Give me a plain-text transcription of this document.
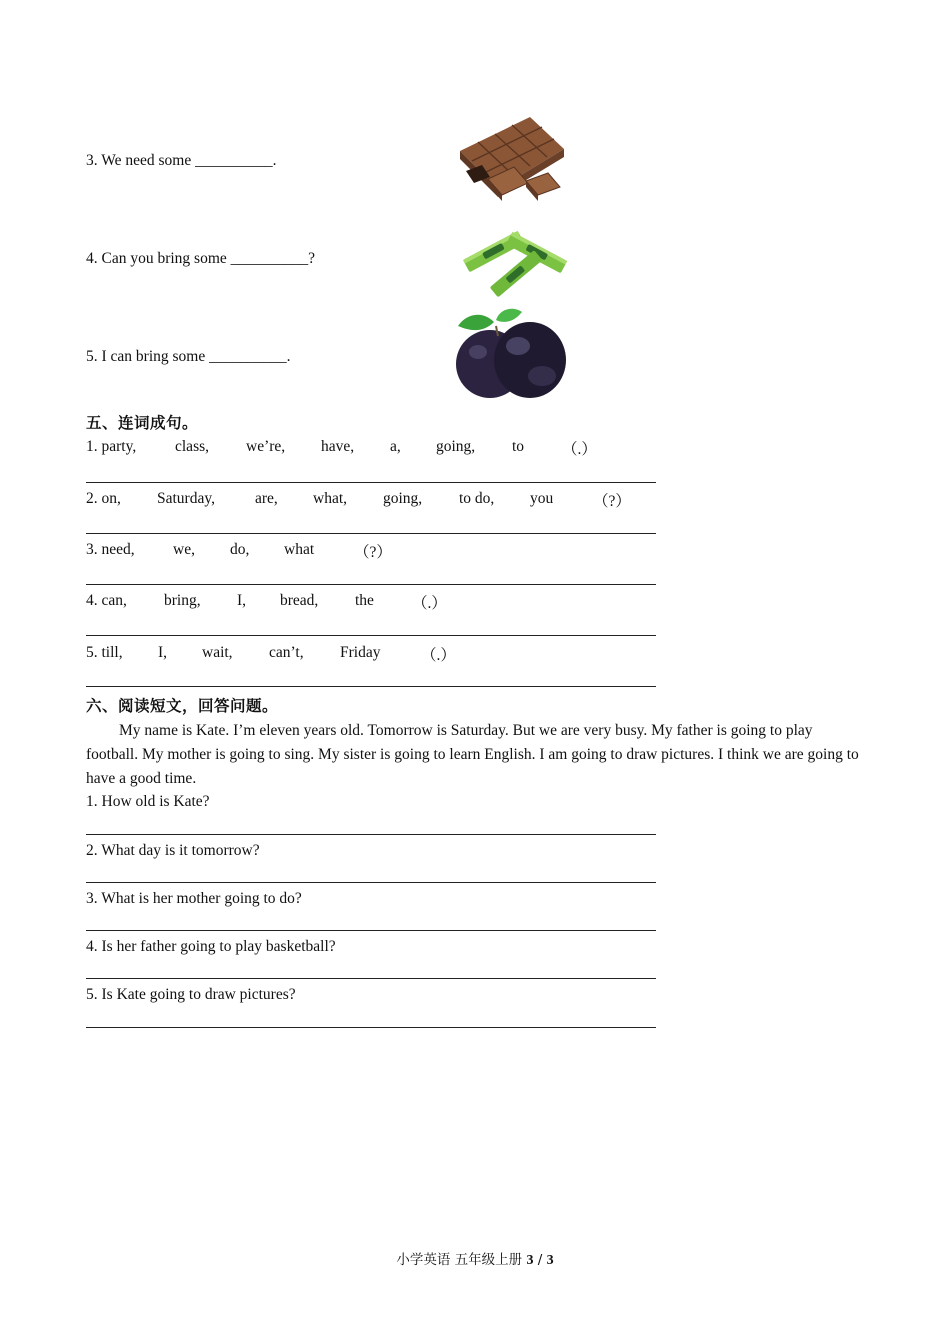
3. We need some __________.
4. Can you bring some __________?
5. I can bring some __________.
五、连词成句。
1. party,	class, we’re, have, a, going, to （.）
2. on, Saturday,	are, what, going, to do, you	（?）
3. need, we, do, what	（?）
4. can, bring, I, bread, the （.）
5. till, I, wait, can’t, Friday	（.）
六、阅读短文，回答问题。
My name is Kate. I’m eleven years old. Tomorrow is Saturday. But we are very busy. My father is going to play football. My mother is going to sing. My sister is going to learn English. I am going to draw pictures. I think we are going to have a good time.
1. How old is Kate?
2. What day is it tomorrow?
3. What is her mother going to do?
4. Is her father going to play basketball?
5. Is Kate going to draw pictures?
小学英语 五年级上册 3 / 3
